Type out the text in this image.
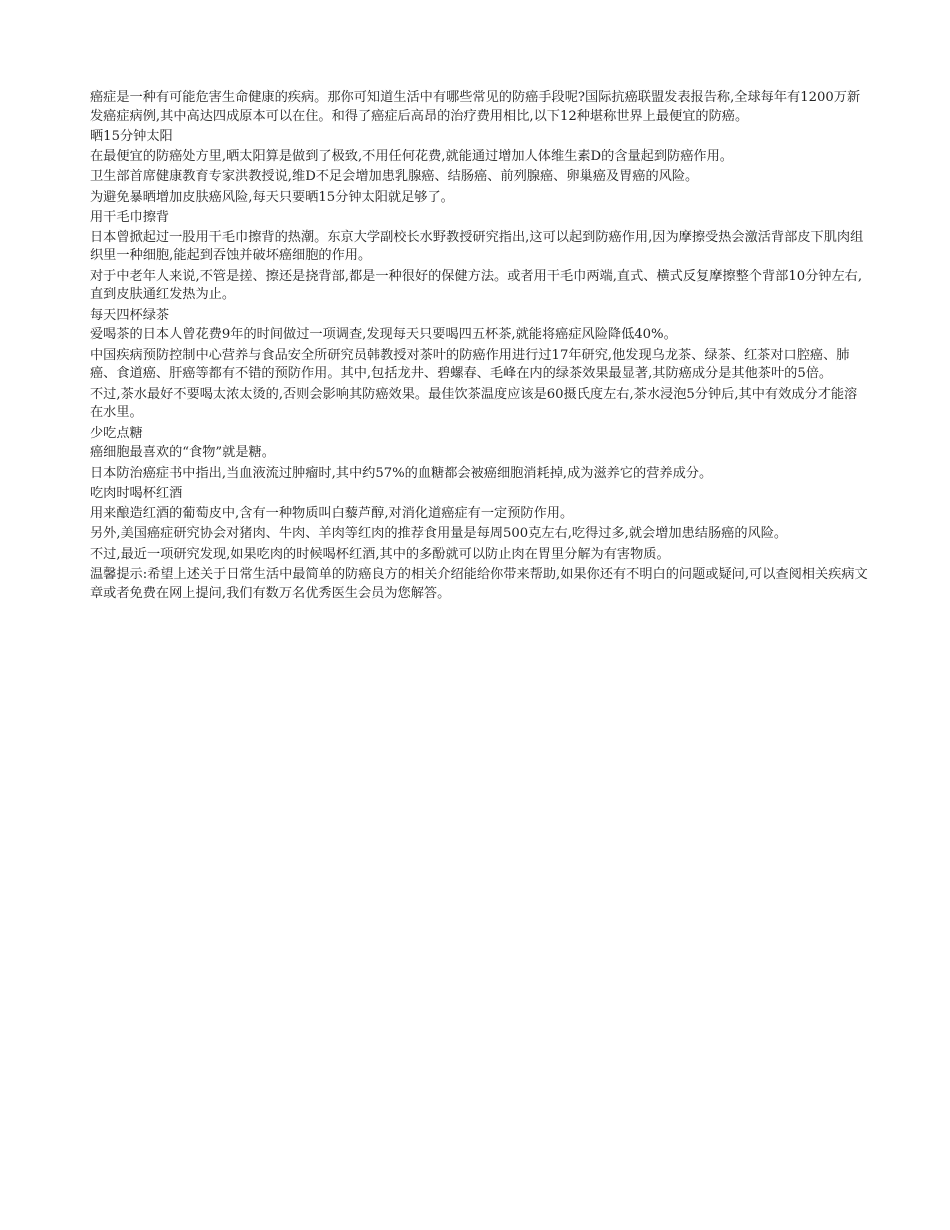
癌症是一种有可能危害生命健康的疾病。那你可知道生活中有哪些常见的防癌手段呢?国际抗癌联盟发表报告称,全球每年有1200万新发癌症病例,其中高达四成原本可以在住。和得了癌症后高昂的治疗费用相比,以下12种堪称世界上最便宜的防癌。

晒15分钟太阳

在最便宜的防癌处方里,晒太阳算是做到了极致,不用任何花费,就能通过增加人体维生素D的含量起到防癌作用。

卫生部首席健康教育专家洪教授说,维D不足会增加患乳腺癌、结肠癌、前列腺癌、卵巢癌及胃癌的风险。

为避免暴晒增加皮肤癌风险,每天只要晒15分钟太阳就足够了。

用干毛巾擦背

日本曾掀起过一股用干毛巾擦背的热潮。东京大学副校长水野教授研究指出,这可以起到防癌作用,因为摩擦受热会激活背部皮下肌肉组织里一种细胞,能起到吞蚀并破坏癌细胞的作用。

对于中老年人来说,不管是搓、擦还是挠背部,都是一种很好的保健方法。或者用干毛巾两端,直式、横式反复摩擦整个背部10分钟左右,直到皮肤通红发热为止。

每天四杯绿茶

爱喝茶的日本人曾花费9年的时间做过一项调查,发现每天只要喝四五杯茶,就能将癌症风险降低40%。

中国疾病预防控制中心营养与食品安全所研究员韩教授对茶叶的防癌作用进行过17年研究,他发现乌龙茶、绿茶、红茶对口腔癌、肺癌、食道癌、肝癌等都有不错的预防作用。其中,包括龙井、碧螺春、毛峰在内的绿茶效果最显著,其防癌成分是其他茶叶的5倍。

不过,茶水最好不要喝太浓太烫的,否则会影响其防癌效果。最佳饮茶温度应该是60摄氏度左右,茶水浸泡5分钟后,其中有效成分才能溶在水里。

少吃点糖

癌细胞最喜欢的“食物”就是糖。

日本防治癌症书中指出,当血液流过肿瘤时,其中约57%的血糖都会被癌细胞消耗掉,成为滋养它的营养成分。

吃肉时喝杯红酒

用来酿造红酒的葡萄皮中,含有一种物质叫白藜芦醇,对消化道癌症有一定预防作用。

另外,美国癌症研究协会对猪肉、牛肉、羊肉等红肉的推荐食用量是每周500克左右,吃得过多,就会增加患结肠癌的风险。

不过,最近一项研究发现,如果吃肉的时候喝杯红酒,其中的多酚就可以防止肉在胃里分解为有害物质。

温馨提示:希望上述关于日常生活中最简单的防癌良方的相关介绍能给你带来帮助,如果你还有不明白的问题或疑问,可以查阅相关疾病文章或者免费在网上提问,我们有数万名优秀医生会员为您解答。
